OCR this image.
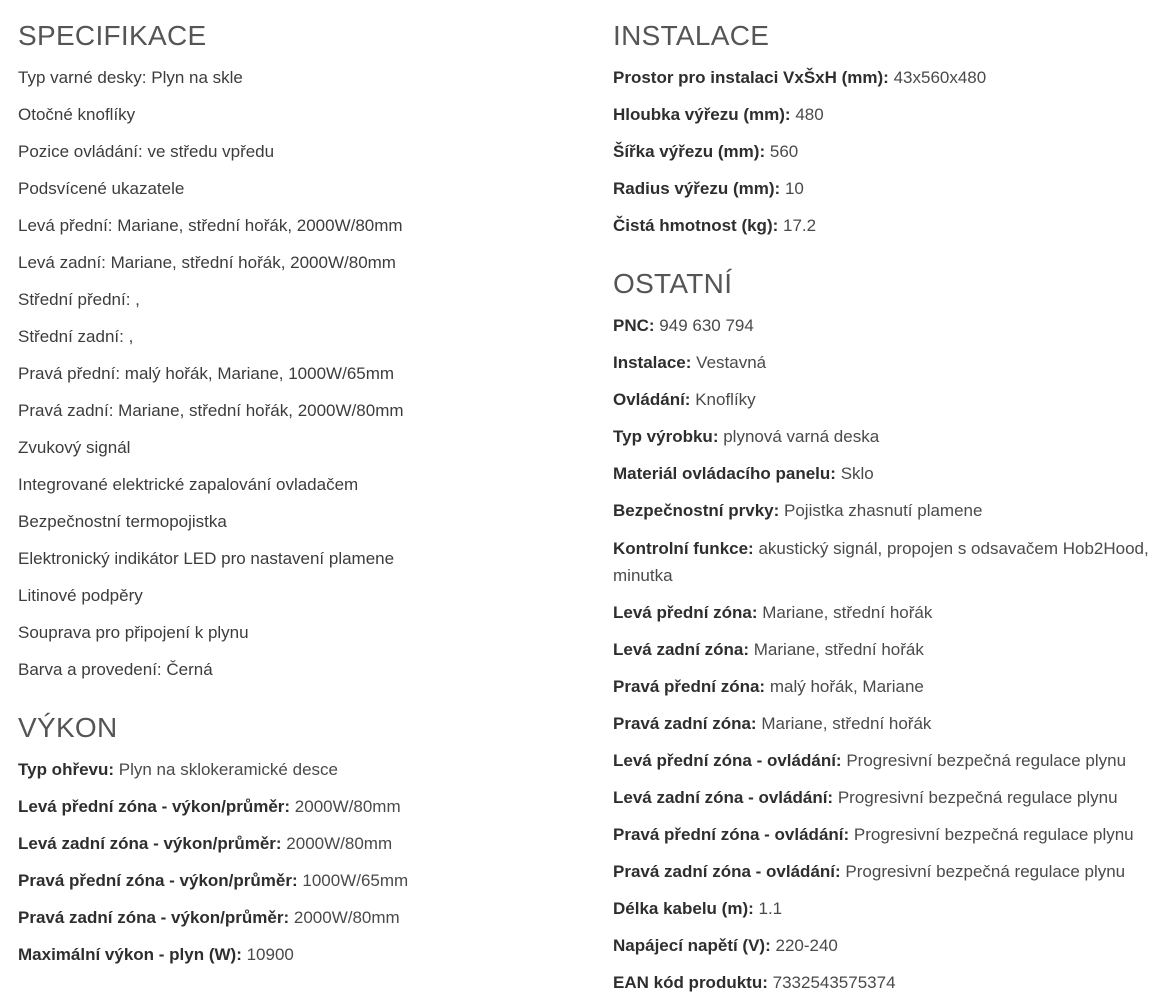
SPECIFIKACE
Typ varné desky: Plyn na skle
Otočné knoflíky
Pozice ovládání: ve středu vpředu
Podsvícené ukazatele
Levá přední: Mariane, střední hořák, 2000W/80mm
Levá zadní: Mariane, střední hořák, 2000W/80mm
Střední přední: ,
Střední zadní: ,
Pravá přední: malý hořák, Mariane, 1000W/65mm
Pravá zadní: Mariane, střední hořák, 2000W/80mm
Zvukový signál
Integrované elektrické zapalování ovladačem
Bezpečnostní termopojistka
Elektronický indikátor LED pro nastavení plamene
Litinové podpěry
Souprava pro připojení k plynu
Barva a provedení: Černá
VÝKON
Typ ohřevu: Plyn na sklokeramické desce
Levá přední zóna - výkon/průměr: 2000W/80mm
Levá zadní zóna - výkon/průměr: 2000W/80mm
Pravá přední zóna - výkon/průměr: 1000W/65mm
Pravá zadní zóna - výkon/průměr: 2000W/80mm
Maximální výkon - plyn (W): 10900
INSTALACE
Prostor pro instalaci VxŠxH (mm): 43x560x480
Hloubka výřezu (mm): 480
Šířka výřezu (mm): 560
Radius výřezu (mm): 10
Čistá hmotnost (kg): 17.2
OSTATNÍ
PNC: 949 630 794
Instalace: Vestavná
Ovládání: Knoflíky
Typ výrobku: plynová varná deska
Materiál ovládacího panelu: Sklo
Bezpečnostní prvky: Pojistka zhasnutí plamene
Kontrolní funkce: akustický signál, propojen s odsavačem Hob2Hood, minutka
Levá přední zóna: Mariane, střední hořák
Levá zadní zóna: Mariane, střední hořák
Pravá přední zóna: malý hořák, Mariane
Pravá zadní zóna: Mariane, střední hořák
Levá přední zóna - ovládání: Progresivní bezpečná regulace plynu
Levá zadní zóna - ovládání: Progresivní bezpečná regulace plynu
Pravá přední zóna - ovládání: Progresivní bezpečná regulace plynu
Pravá zadní zóna - ovládání: Progresivní bezpečná regulace plynu
Délka kabelu (m): 1.1
Napájecí napětí (V): 220-240
EAN kód produktu: 7332543575374
